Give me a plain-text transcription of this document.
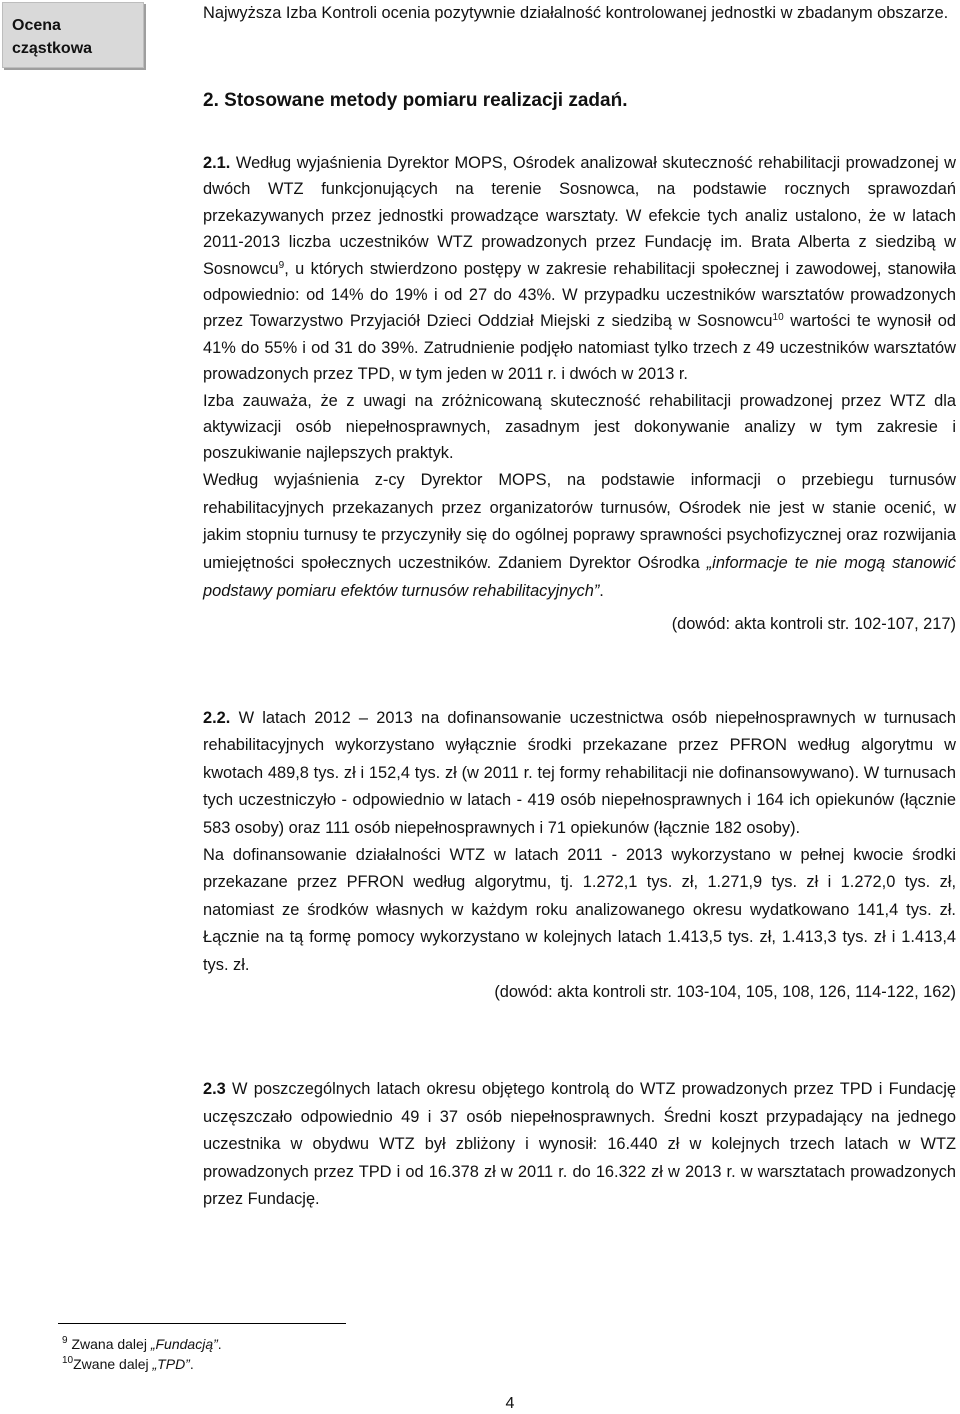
Ocena cząstkowa

Najwyższa Izba Kontroli ocenia pozytywnie działalność kontrolowanej jednostki w zbadanym obszarze.

2. Stosowane metody pomiaru realizacji zadań.

2.1. Według wyjaśnienia Dyrektor MOPS, Ośrodek analizował skuteczność rehabilitacji prowadzonej w dwóch WTZ funkcjonujących na terenie Sosnowca, na podstawie rocznych sprawozdań przekazywanych przez jednostki prowadzące warsztaty. W efekcie tych analiz ustalono, że w latach 2011-2013 liczba uczestników WTZ prowadzonych przez Fundację im. Brata Alberta z siedzibą w Sosnowcu$^9$, u których stwierdzono postępy w zakresie rehabilitacji społecznej i zawodowej, stanowiła odpowiednio: od 14% do 19% i od 27 do 43%. W przypadku uczestników warsztatów prowadzonych przez Towarzystwo Przyjaciół Dzieci Oddział Miejski z siedzibą w Sosnowcu$^{10}$ wartości te wynosił od 41% do 55% i od 31 do 39%. Zatrudnienie podjęło natomiast tylko trzech z 49 uczestników warsztatów prowadzonych przez TPD, w tym jeden w 2011 r. i dwóch w 2013 r.

Izba zauważa, że z uwagi na zróżnicowaną skuteczność rehabilitacji prowadzonej przez WTZ dla aktywizacji osób niepełnosprawnych, zasadnym jest dokonywanie analizy w tym zakresie i poszukiwanie najlepszych praktyk.

Według wyjaśnienia z-cy Dyrektor MOPS, na podstawie informacji o przebiegu turnusów rehabilitacyjnych przekazanych przez organizatorów turnusów, Ośrodek nie jest w stanie ocenić, w jakim stopniu turnusy te przyczyniły się do ogólnej poprawy sprawności psychofizycznej oraz rozwijania umiejętności społecznych uczestników. Zdaniem Dyrektor Ośrodka „informacje te nie mogą stanowić podstawy pomiaru efektów turnusów rehabilitacyjnych”.

(dowód: akta kontroli str. 102-107, 217)

2.2. W latach 2012 – 2013 na dofinansowanie uczestnictwa osób niepełnosprawnych w turnusach rehabilitacyjnych wykorzystano wyłącznie środki przekazane przez PFRON według algorytmu w kwotach 489,8 tys. zł i 152,4 tys. zł (w 2011 r. tej formy rehabilitacji nie dofinansowywano). W turnusach tych uczestniczyło - odpowiednio w latach - 419 osób niepełnosprawnych i 164 ich opiekunów (łącznie 583 osoby) oraz 111 osób niepełnosprawnych i 71 opiekunów (łącznie 182 osoby).

Na dofinansowanie działalności WTZ w latach 2011 - 2013 wykorzystano w pełnej kwocie środki przekazane przez PFRON według algorytmu, tj. 1.272,1 tys. zł, 1.271,9 tys. zł i 1.272,0 tys. zł, natomiast ze środków własnych w każdym roku analizowanego okresu wydatkowano 141,4 tys. zł. Łącznie na tą formę pomocy wykorzystano w kolejnych latach 1.413,5 tys. zł, 1.413,3 tys. zł i 1.413,4 tys. zł.

(dowód: akta kontroli str. 103-104, 105, 108, 126, 114-122, 162)

2.3 W poszczególnych latach okresu objętego kontrolą do WTZ prowadzonych przez TPD i Fundację uczęszczało odpowiednio 49 i 37 osób niepełnosprawnych. Średni koszt przypadający na jednego uczestnika w obydwu WTZ był zbliżony i wynosił: 16.440 zł w kolejnych trzech latach w WTZ prowadzonych przez TPD i od 16.378 zł w 2011 r. do 16.322 zł w 2013 r. w warsztatach prowadzonych przez Fundację.

$^9$ Zwana dalej „Fundacją”.
$^{10}$Zwane dalej „TPD”.
4
